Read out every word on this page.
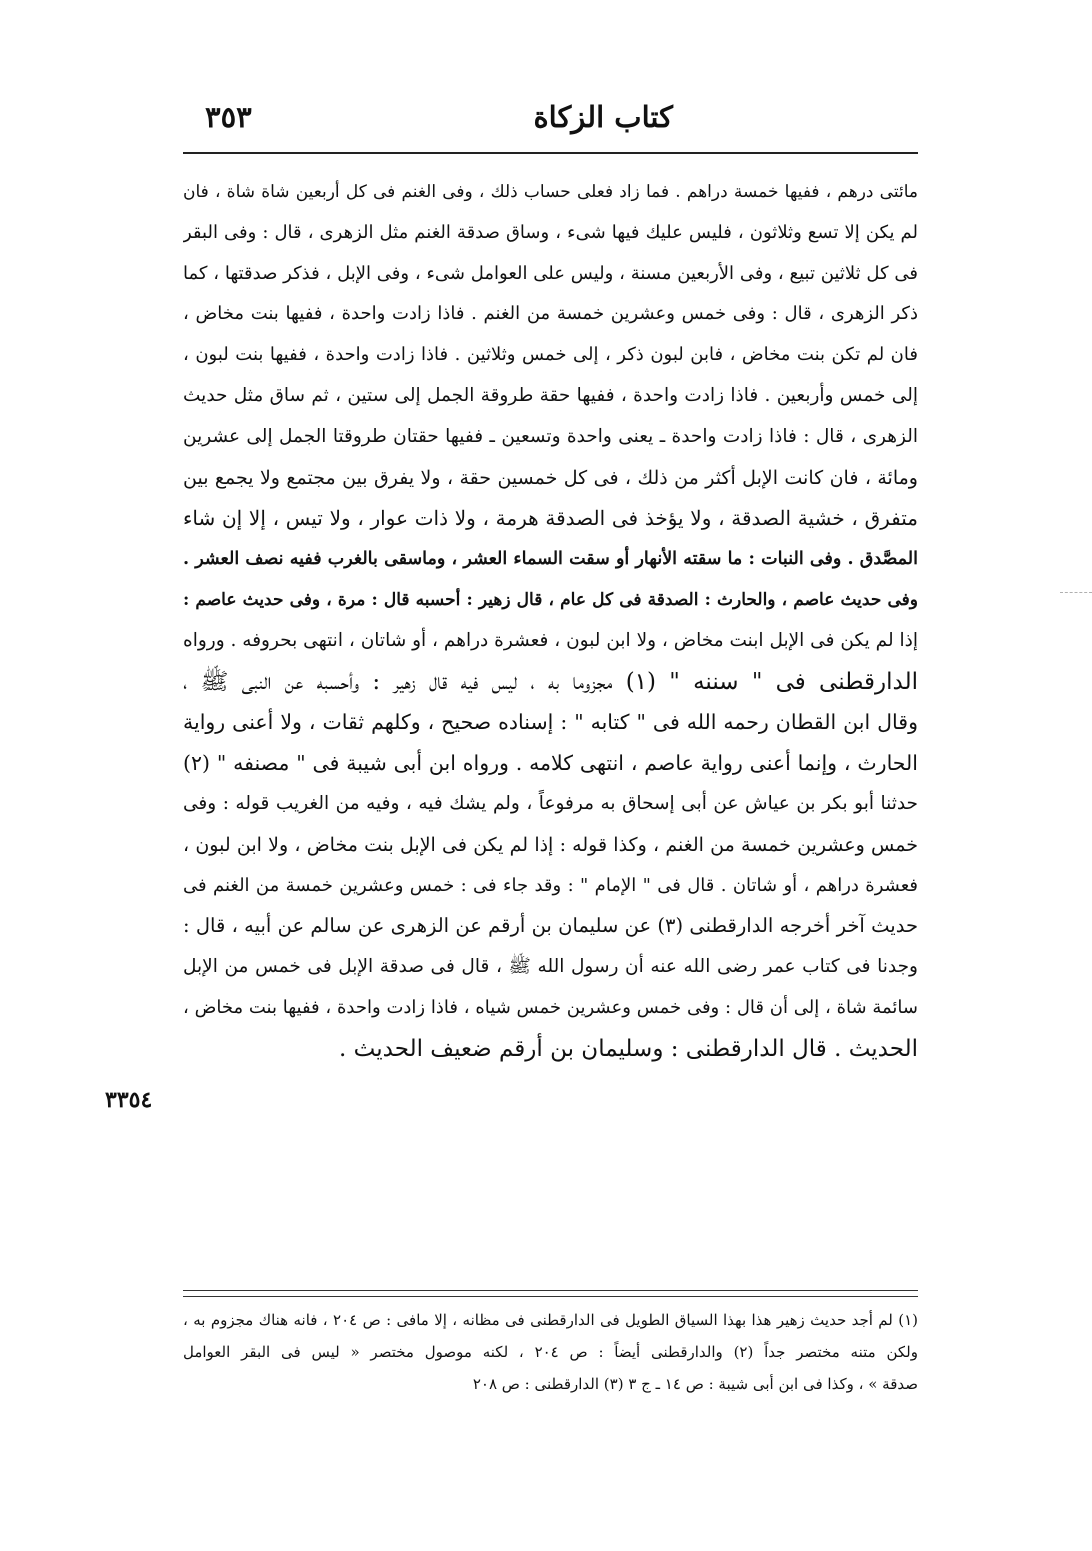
كتاب الزكاة
٣٥٣
مائتى درهم ، ففيها خمسة دراهم . فما زاد فعلى حساب ذلك ، وفى الغنم فى كل أربعين شاة شاة ، فان
لم يكن إلا تسع وثلاثون ، فليس عليك فيها شىء ، وساق صدقة الغنم مثل الزهرى ، قال : وفى البقر
فى كل ثلاثين تبيع ، وفى الأربعين مسنة ، وليس على العوامل شىء ، وفى الإبل ، فذكر صدقتها ، كما
ذكر الزهرى ، قال : وفى خمس وعشرين خمسة من الغنم . فاذا زادت واحدة ، ففيها بنت مخاض ،
فان لم تكن بنت مخاض ، فابن لبون ذكر ، إلى خمس وثلاثين . فاذا زادت واحدة ، ففيها بنت لبون ،
إلى خمس وأربعين . فاذا زادت واحدة ، ففيها حقة طروقة الجمل إلى ستين ، ثم ساق مثل حديث
الزهرى ، قال : فاذا زادت واحدة ـ يعنى واحدة وتسعين ـ ففيها حقتان طروقتا الجمل إلى عشرين
ومائة ، فان كانت الإبل أكثر من ذلك ، فى كل خمسين حقة ، ولا يفرق بين مجتمع ولا يجمع بين
متفرق ، خشية الصدقة ، ولا يؤخذ فى الصدقة هرمة ، ولا ذات عوار ، ولا تيس ، إلا إن شاء
المصَّدق . وفى النبات : ما سقته الأنهار أو سقت السماء العشر ، وماسقى بالغرب ففيه نصف العشر .
وفى حديث عاصم ، والحارث : الصدقة فى كل عام ، قال زهير : أحسبه قال : مرة ، وفى حديث عاصم :
إذا لم يكن فى الإبل ابنت مخاض ، ولا ابن لبون ، فعشرة دراهم ، أو شاتان ، انتهى بحروفه . ورواه
الدارقطنى فى " سننه " (١) مجزوما به ، ليس فيه قال زهير : وأحسبه عن النبى ﷺ ،
وقال ابن القطان رحمه الله فى " كتابه " : إسناده صحيح ، وكلهم ثقات ، ولا أعنى رواية
الحارث ، وإنما أعنى رواية عاصم ، انتهى كلامه . ورواه ابن أبى شيبة فى " مصنفه " (٢)
حدثنا أبو بكر بن عياش عن أبى إسحاق به مرفوعاً ، ولم يشك فيه ، وفيه من الغريب قوله : وفى
خمس وعشرين خمسة من الغنم ، وكذا قوله : إذا لم يكن فى الإبل بنت مخاض ، ولا ابن لبون ،
فعشرة دراهم ، أو شاتان . قال فى " الإمام " : وقد جاء فى : خمس وعشرين خمسة من الغنم فى
حديث آخر أخرجه الدارقطنى (٣) عن سليمان بن أرقم عن الزهرى عن سالم عن أبيه ، قال :
وجدنا فى كتاب عمر رضى الله عنه أن رسول الله ﷺ ، قال فى صدقة الإبل فى خمس من الإبل
سائمة شاة ، إلى أن قال : وفى خمس وعشرين خمس شياه ، فاذا زادت واحدة ، ففيها بنت مخاض ،
الحديث . قال الدارقطنى : وسليمان بن أرقم ضعيف الحديث .
٣٣٥٤
(١) لم أجد حديث زهير هذا بهذا السياق الطويل فى الدارقطنى فى مظانه ، إلا مافى : ص ٢٠٤ ، فانه هناك مجزوم به ،
ولكن متنه مختصر جداً (٢) والدارقطنى أيضاً : ص ٢٠٤ ، لكنه موصول مختصر « ليس فى البقر العوامل
صدقة » ، وكذا فى ابن أبى شيبة : ص ١٤ ـ ج ٣ (٣) الدارقطنى : ص ٢٠٨
